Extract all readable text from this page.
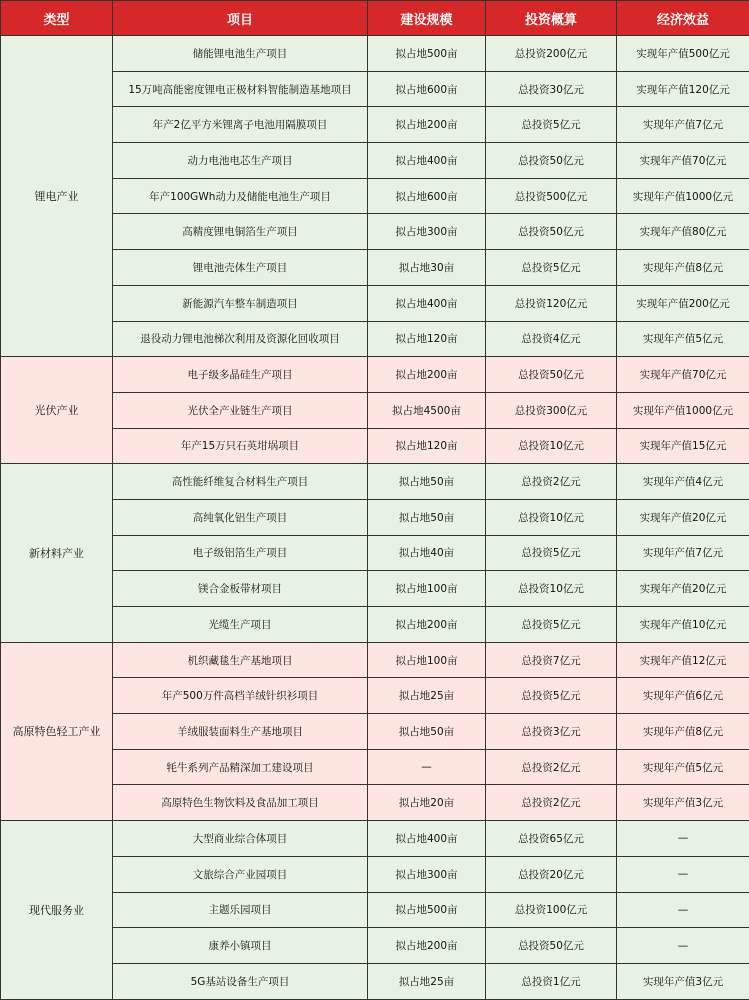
类型	项目	建设规模	投资概算	经济效益
锂电产业	储能锂电池生产项目	拟占地500亩	总投资200亿元	实现年产值500亿元
	15万吨高能密度锂电正极材料智能制造基地项目	拟占地600亩	总投资30亿元	实现年产值120亿元
	年产2亿平方米锂离子电池用隔膜项目	拟占地200亩	总投资5亿元	实现年产值7亿元
	动力电池电芯生产项目	拟占地400亩	总投资50亿元	实现年产值70亿元
	年产100GWh动力及储能电池生产项目	拟占地600亩	总投资500亿元	实现年产值1000亿元
	高精度锂电铜箔生产项目	拟占地300亩	总投资50亿元	实现年产值80亿元
	锂电池壳体生产项目	拟占地30亩	总投资5亿元	实现年产值8亿元
	新能源汽车整车制造项目	拟占地400亩	总投资120亿元	实现年产值200亿元
	退役动力锂电池梯次利用及资源化回收项目	拟占地120亩	总投资4亿元	实现年产值5亿元
光伏产业	电子级多晶硅生产项目	拟占地200亩	总投资50亿元	实现年产值70亿元
	光伏全产业链生产项目	拟占地4500亩	总投资300亿元	实现年产值1000亿元
	年产15万只石英坩埚项目	拟占地120亩	总投资10亿元	实现年产值15亿元
新材料产业	高性能纤维复合材料生产项目	拟占地50亩	总投资2亿元	实现年产值4亿元
	高纯氧化铝生产项目	拟占地50亩	总投资10亿元	实现年产值20亿元
	电子级铝箔生产项目	拟占地40亩	总投资5亿元	实现年产值7亿元
	镁合金板带材项目	拟占地100亩	总投资10亿元	实现年产值20亿元
	光缆生产项目	拟占地200亩	总投资5亿元	实现年产值10亿元
高原特色轻工产业	机织藏毯生产基地项目	拟占地100亩	总投资7亿元	实现年产值12亿元
	年产500万件高档羊绒针织衫项目	拟占地25亩	总投资5亿元	实现年产值6亿元
	羊绒服装面料生产基地项目	拟占地50亩	总投资3亿元	实现年产值8亿元
	牦牛系列产品精深加工建设项目	—	总投资2亿元	实现年产值5亿元
	高原特色生物饮料及食品加工项目	拟占地20亩	总投资2亿元	实现年产值3亿元
现代服务业	大型商业综合体项目	拟占地400亩	总投资65亿元	—
	文旅综合产业园项目	拟占地300亩	总投资20亿元	—
	主题乐园项目	拟占地500亩	总投资100亿元	—
	康养小镇项目	拟占地200亩	总投资50亿元	—
	5G基站设备生产项目	拟占地25亩	总投资1亿元	实现年产值3亿元
